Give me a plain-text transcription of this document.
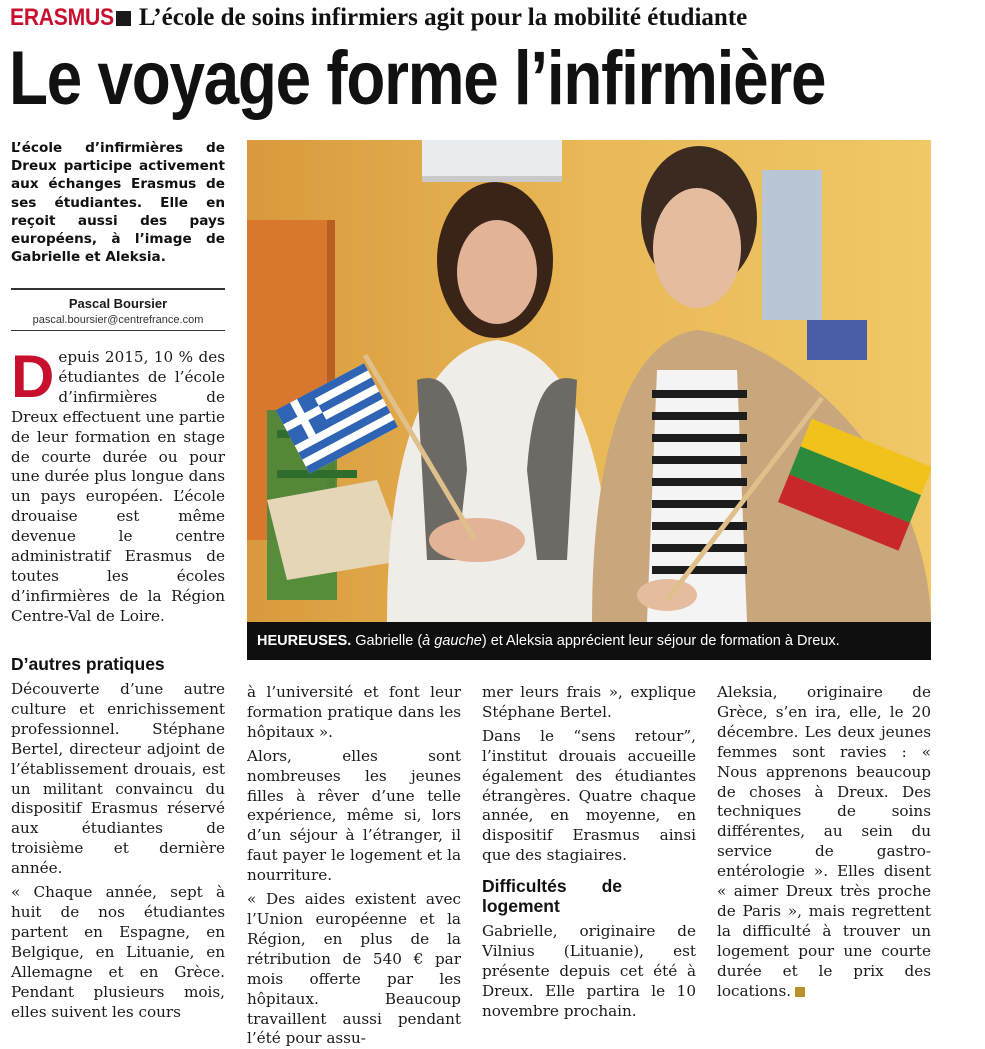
ERASMUS L’école de soins infirmiers agit pour la mobilité étudiante
Le voyage forme l’infirmière
L’école d’infirmières de Dreux participe activement aux échanges Erasmus de ses étudiantes. Elle en reçoit aussi des pays européens, à l’image de Gabrielle et Aleksia.
Pascal Boursier
pascal.boursier@centrefrance.com

Depuis 2015, 10 % des étudiantes de l’école d’infirmières de Dreux effectuent une partie de leur formation en stage de courte durée ou pour une durée plus longue dans un pays européen. L’école drouaise est même devenue le centre administratif Erasmus de toutes les écoles d’infirmières de la Région Centre-Val de Loire.

D’autres pratiques

Découverte d’une autre culture et enrichissement professionnel. Stéphane Bertel, directeur adjoint de l’établissement drouais, est un militant convaincu du dispositif Erasmus réservé aux étudiantes de troisième et dernière année.

« Chaque année, sept à huit de nos étudiantes partent en Espagne, en Belgique, en Lituanie, en Allemagne et en Grèce. Pendant plusieurs mois, elles suivent les cours

HEUREUSES. Gabrielle ( à gauche ) et Aleksia apprécient leur séjour de formation à Dreux.

à l’université et font leur formation pratique dans les hôpitaux ».

Alors, elles sont nombreuses les jeunes filles à rêver d’une telle expérience, même si, lors d’un séjour à l’étranger, il faut payer le logement et la nourriture.

« Des aides existent avec l’Union européenne et la Région, en plus de la rétribution de 540 € par mois offerte par les hôpitaux. Beaucoup travaillent aussi pendant l’été pour assu-

mer leurs frais », explique Stéphane Bertel.

Dans le “sens retour”, l’institut drouais accueille également des étudiantes étrangères. Quatre chaque année, en moyenne, en dispositif Erasmus ainsi que des stagiaires.

Difficultés de logement

Gabrielle, originaire de Vilnius (Lituanie), est présente depuis cet été à Dreux. Elle partira le 10 novembre prochain.

Aleksia, originaire de Grèce, s’en ira, elle, le 20 décembre. Les deux jeunes femmes sont ravies : « Nous apprenons beaucoup de choses à Dreux. Des techniques de soins différentes, au sein du service de gastro-entérologie ». Elles disent « aimer Dreux très proche de Paris », mais regrettent la difficulté à trouver un logement pour une courte durée et le prix des locations.
